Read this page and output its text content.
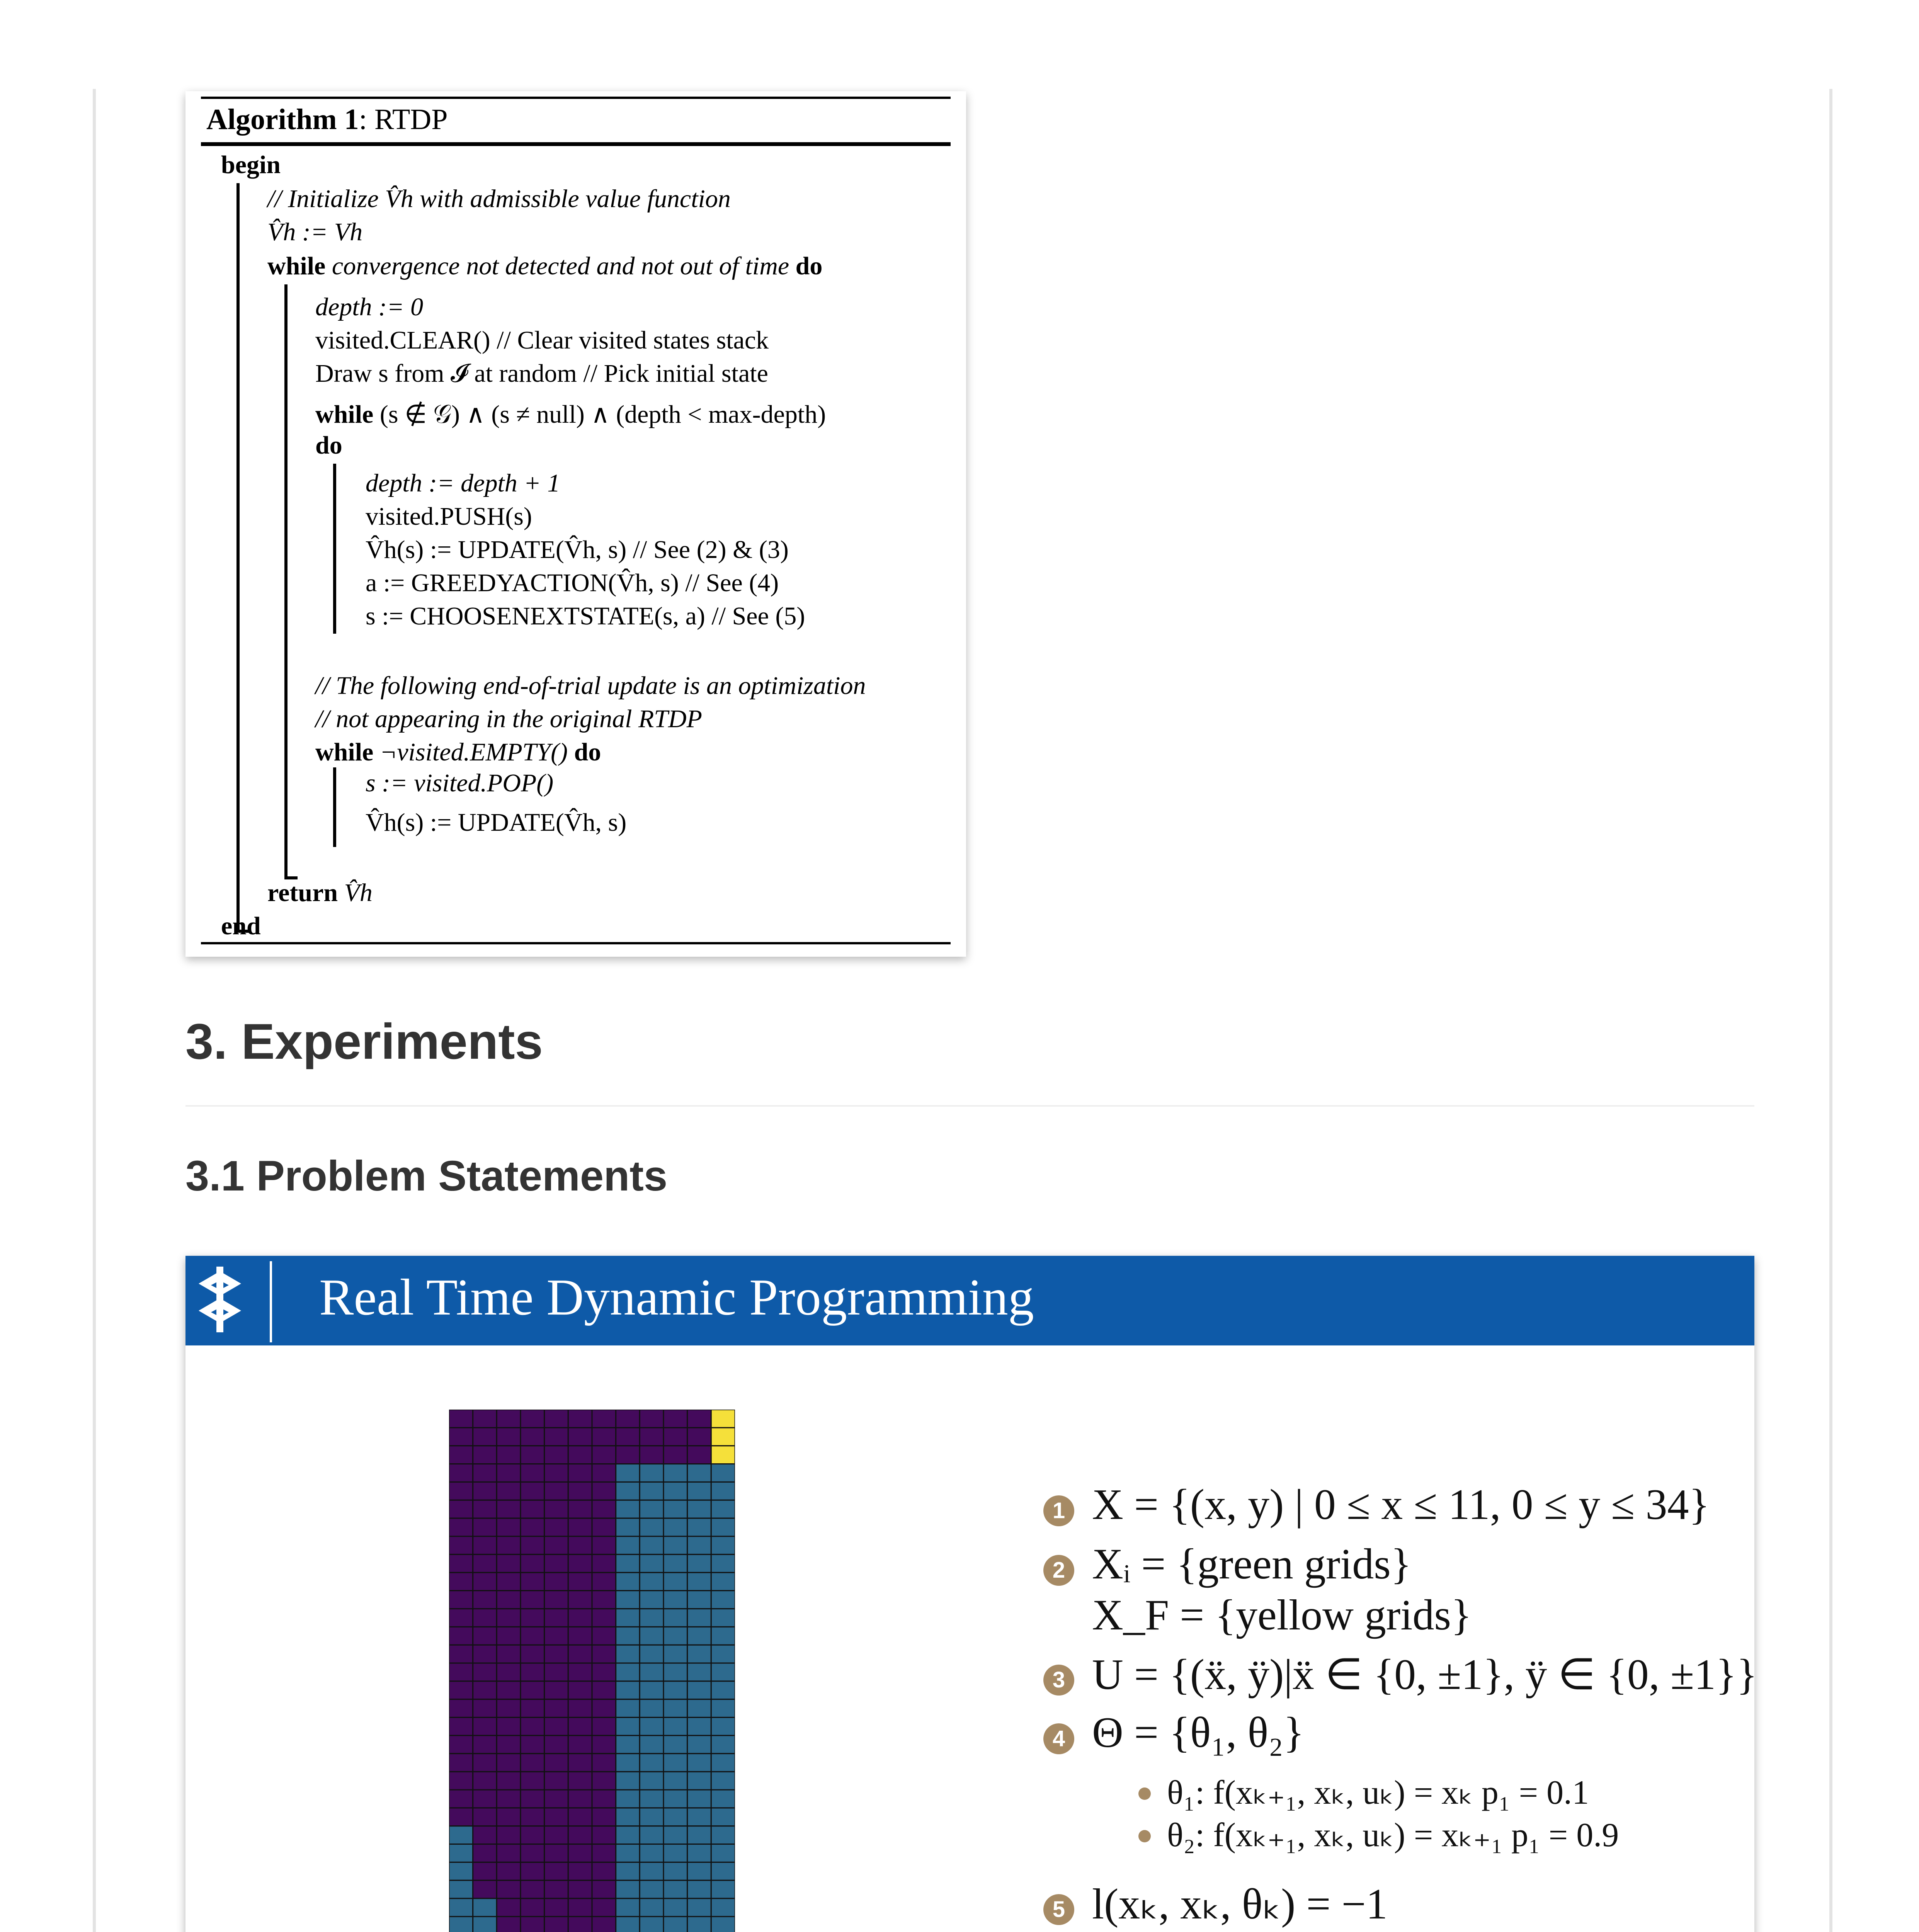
Algorithm 1: RTDP
begin
// Initialize V̂h with admissible value function
V̂h := Vh
while convergence not detected and not out of time do
depth := 0
visited.CLEAR() // Clear visited states stack
Draw s from 𝓘 at random // Pick initial state
while (s ∉ 𝒢) ∧ (s ≠ null) ∧ (depth < max-depth)
do
depth := depth + 1
visited.PUSH(s)
V̂h(s) := UPDATE(V̂h, s) // See (2) & (3)
a := GREEDYACTION(V̂h, s) // See (4)
s := CHOOSENEXTSTATE(s, a) // See (5)
// The following end-of-trial update is an optimization
// not appearing in the original RTDP
while ¬visited.EMPTY() do
s := visited.POP()
V̂h(s) := UPDATE(V̂h, s)
return V̂h
end
3. Experiments
3.1 Problem Statements
Real Time Dynamic Programming
1 X = {(x, y) | 0 ≤ x ≤ 11, 0 ≤ y ≤ 34}
2 Xᵢ = {green grids}
X_F = {yellow grids}
3 U = {(ẍ, ÿ)|ẍ ∈ {0, ±1}, ÿ ∈ {0, ±1}}
4 Θ = {θ₁, θ₂}
θ₁: f(xₖ₊₁, xₖ, uₖ) = xₖ p₁ = 0.1
θ₂: f(xₖ₊₁, xₖ, uₖ) = xₖ₊₁ p₁ = 0.9
5 l(xₖ, xₖ, θₖ) = −1
